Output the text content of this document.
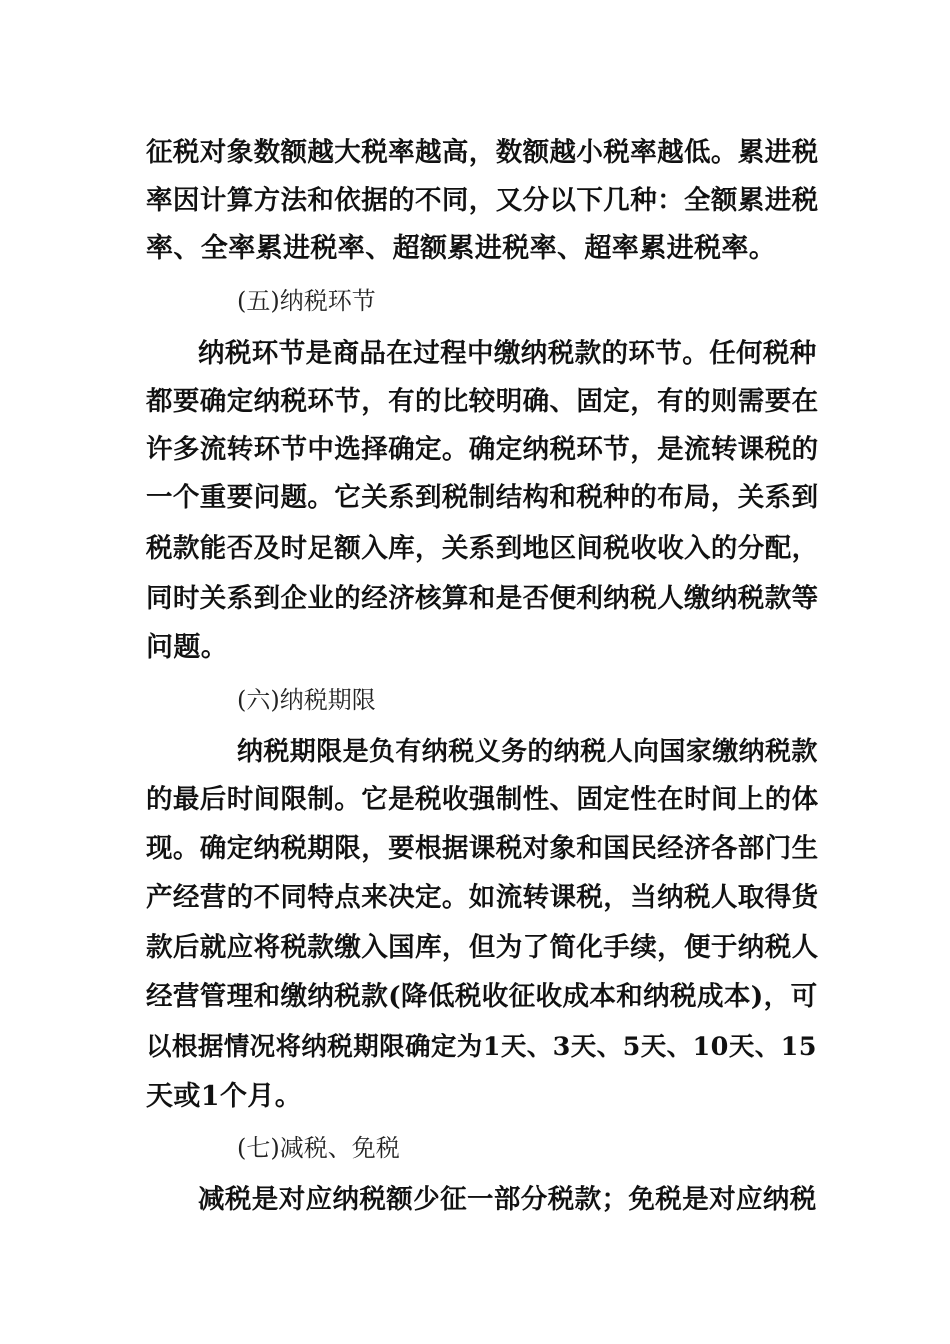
征税对象数额越大税率越高，数额越小税率越低。累进税
率因计算方法和依据的不同，又分以下几种：全额累进税
率、全率累进税率、超额累进税率、超率累进税率。
(五)纳税环节
纳税环节是商品在过程中缴纳税款的环节。任何税种
都要确定纳税环节，有的比较明确、固定，有的则需要在
许多流转环节中选择确定。确定纳税环节，是流转课税的
一个重要问题。它关系到税制结构和税种的布局，关系到
税款能否及时足额入库，关系到地区间税收收入的分配，
同时关系到企业的经济核算和是否便利纳税人缴纳税款等
问题。
(六)纳税期限
纳税期限是负有纳税义务的纳税人向国家缴纳税款
的最后时间限制。它是税收强制性、固定性在时间上的体
现。确定纳税期限，要根据课税对象和国民经济各部门生
产经营的不同特点来决定。如流转课税，当纳税人取得货
款后就应将税款缴入国库，但为了简化手续，便于纳税人
经营管理和缴纳税款(降低税收征收成本和纳税成本)，可
以根据情况将纳税期限确定为1天、3天、5天、10天、15
天或1个月。
(七)减税、免税
减税是对应纳税额少征一部分税款；免税是对应纳税
